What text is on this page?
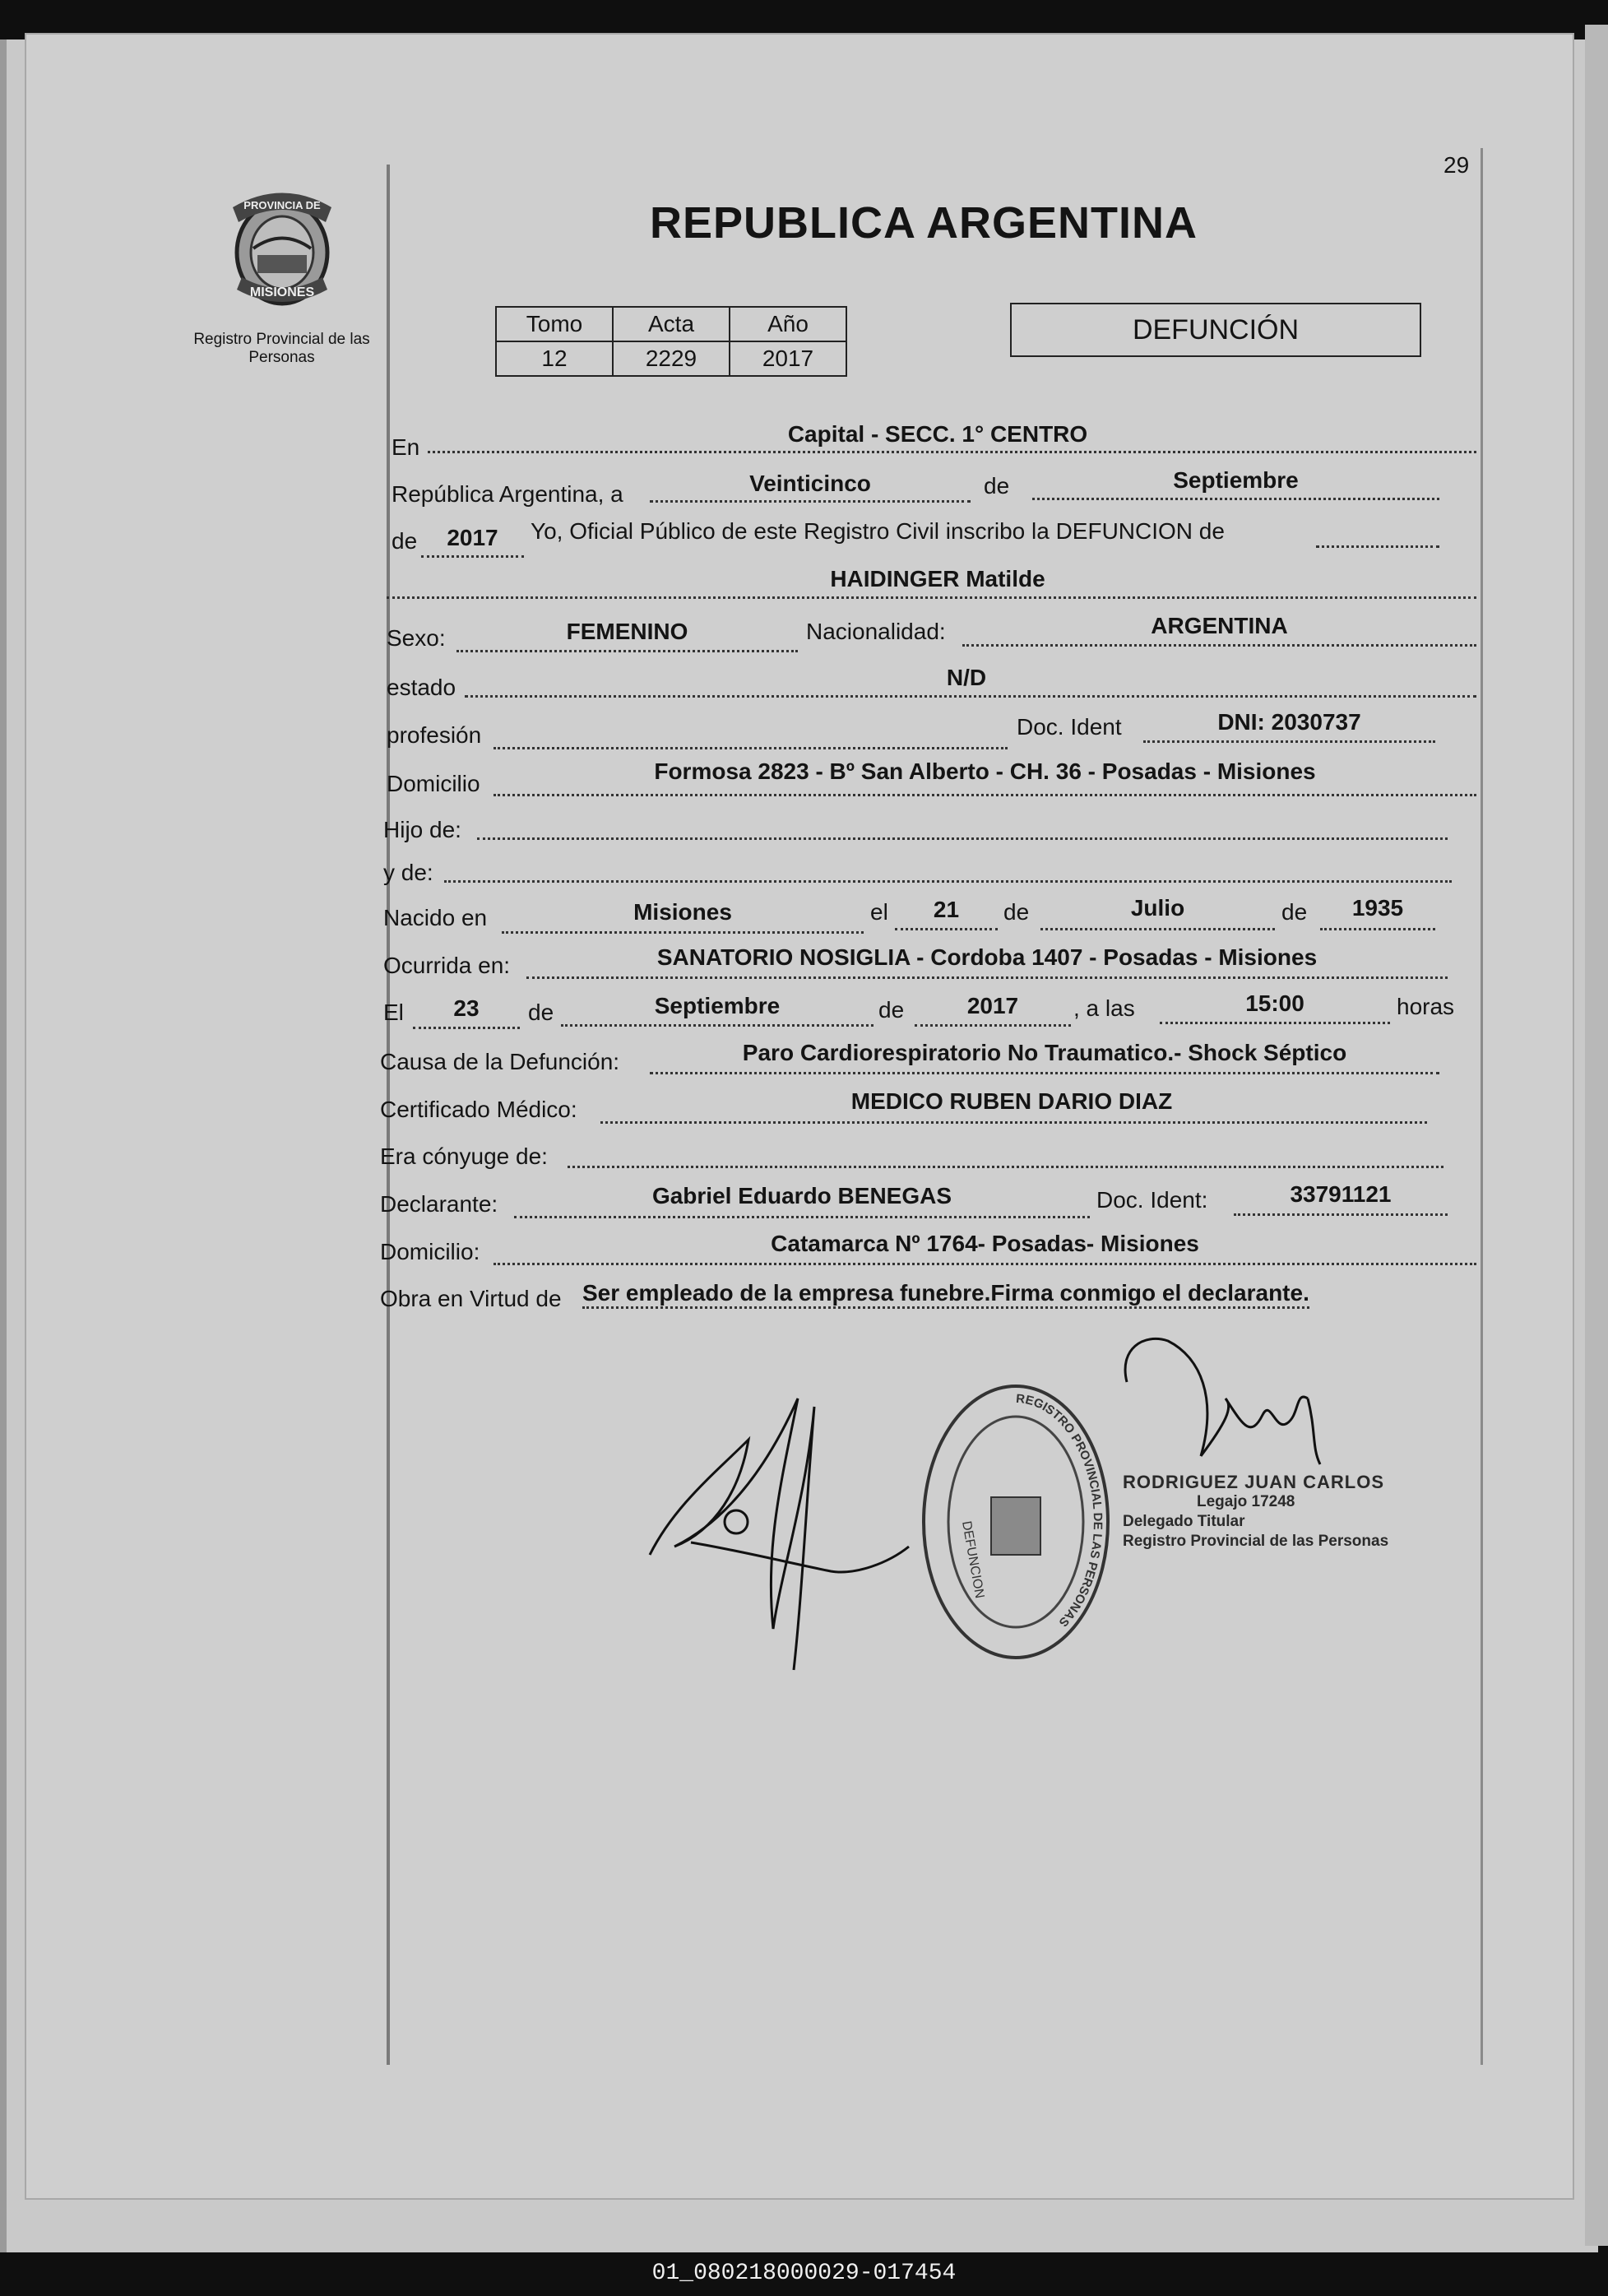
29
PROVINCIA DE
MISIONES
Registro Provincial de las Personas
REPUBLICA ARGENTINA
Tomo	Acta	Año
12	2229	2017
DEFUNCIÓN
En
Capital - SECC. 1° CENTRO
República Argentina, a	Veinticinco	de	Septiembre
de	2017	Yo, Oficial Público de este Registro Civil inscribo la DEFUNCION de
HAIDINGER Matilde
Sexo:	FEMENINO	Nacionalidad:	ARGENTINA
estado	N/D
profesión	Doc. Ident	DNI: 2030737
Domicilio	Formosa 2823 - Bº San Alberto - CH. 36 - Posadas - Misiones
Hijo de:
y de:
Nacido en	Misiones	el	21	de	Julio	de	1935
Ocurrida en:	SANATORIO NOSIGLIA - Cordoba 1407 - Posadas - Misiones
El	23	de	Septiembre	de	2017	, a las	15:00	horas
Causa de la Defunción:	Paro Cardiorespiratorio No Traumatico.- Shock Séptico
Certificado Médico:	MEDICO RUBEN DARIO DIAZ
Era cónyuge de:
Declarante:	Gabriel Eduardo BENEGAS	Doc. Ident:	33791121
Domicilio:	Catamarca Nº 1764- Posadas- Misiones
Obra en Virtud de Ser empleado de la empresa funebre.Firma conmigo el declarante.
REGISTRO PROVINCIAL DE LAS PERSONAS
DEFUNCION
RODRIGUEZ JUAN CARLOS
Legajo 17248
Delegado Titular
Registro Provincial de las Personas
01_080218000029-017454
